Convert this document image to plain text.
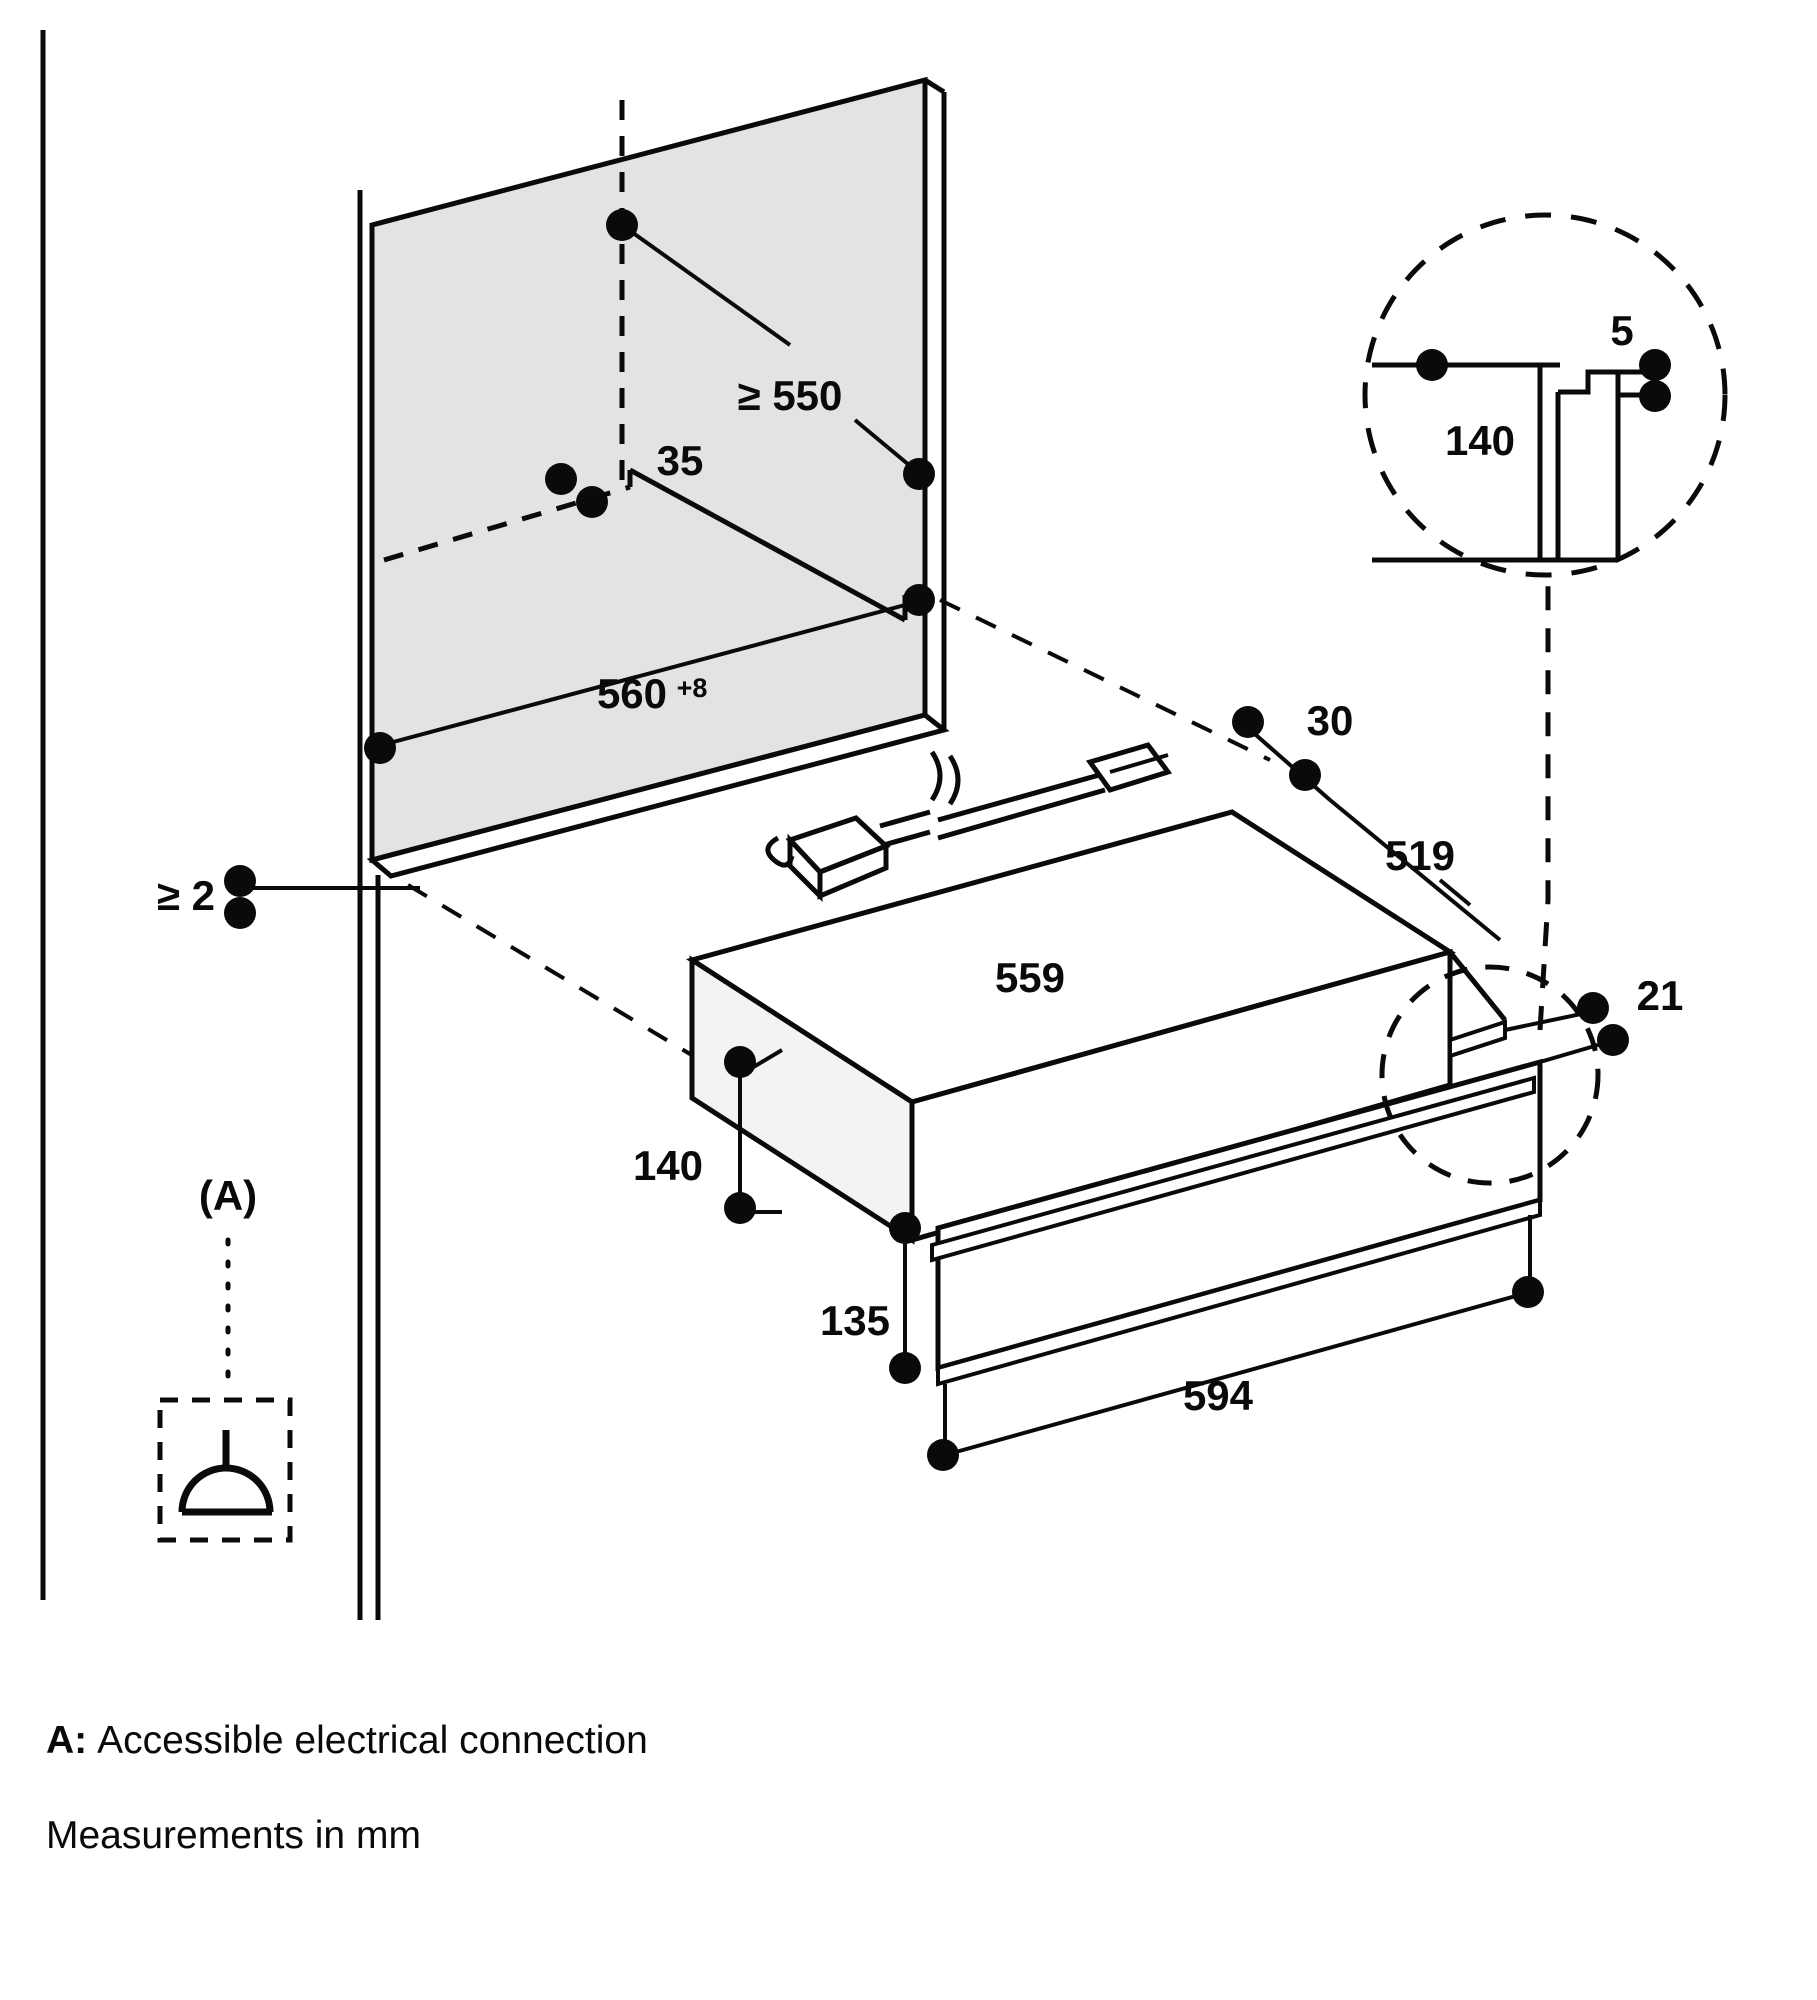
≥ 550
35
560 +8
≥ 2
30
519
559
140
135
594
21
5
140
(A)
A: Accessible electrical connection
Measurements in mm
